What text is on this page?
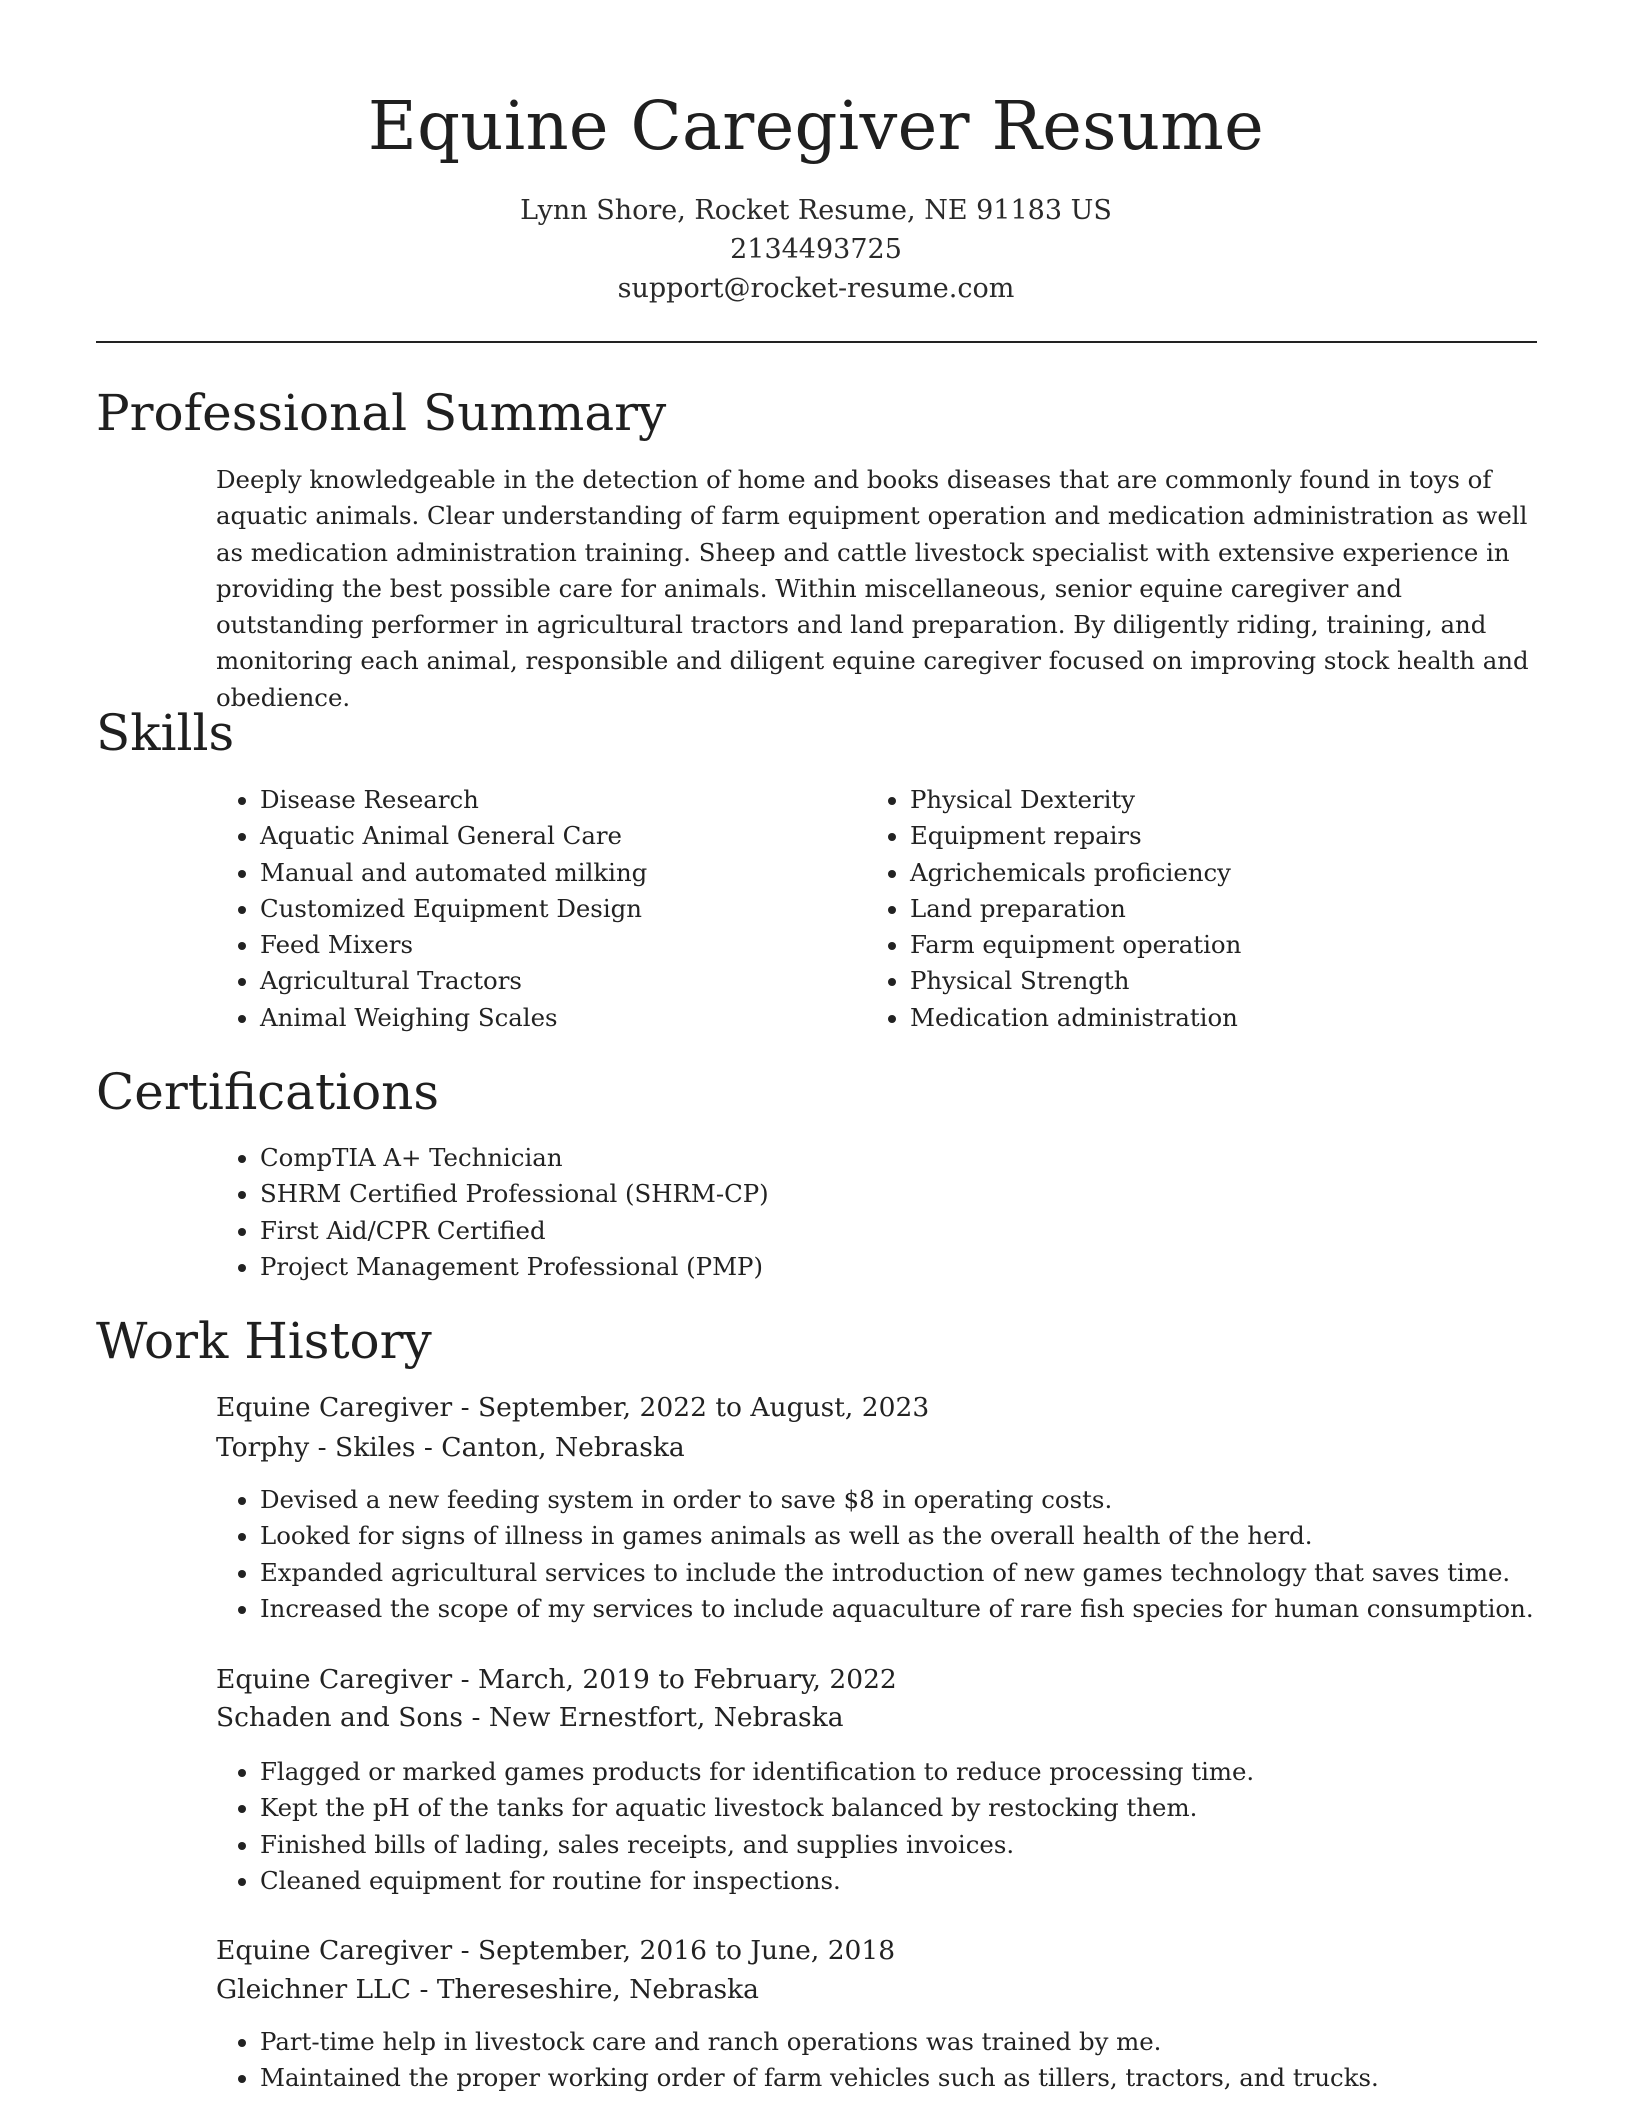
Equine Caregiver Resume
Lynn Shore, Rocket Resume, NE 91183 US
2134493725
support@rocket-resume.com
Professional Summary

Deeply knowledgeable in the detection of home and books diseases that are commonly found in toys of aquatic animals. Clear understanding of farm equipment operation and medication administration as well as medication administration training. Sheep and cattle livestock specialist with extensive experience in providing the best possible care for animals. Within miscellaneous, senior equine caregiver and outstanding performer in agricultural tractors and land preparation. By diligently riding, training, and monitoring each animal, responsible and diligent equine caregiver focused on improving stock health and obedience.

Skills
• Disease Research
• Aquatic Animal General Care
• Manual and automated milking
• Customized Equipment Design
• Feed Mixers
• Agricultural Tractors
• Animal Weighing Scales
• Physical Dexterity
• Equipment repairs
• Agrichemicals proficiency
• Land preparation
• Farm equipment operation
• Physical Strength
• Medication administration
Certifications
• CompTIA A+ Technician
• SHRM Certified Professional (SHRM-CP)
• First Aid/CPR Certified
• Project Management Professional (PMP)
Work History
Equine Caregiver - September, 2022 to August, 2023
Torphy - Skiles - Canton, Nebraska
• Devised a new feeding system in order to save $8 in operating costs.
• Looked for signs of illness in games animals as well as the overall health of the herd.
• Expanded agricultural services to include the introduction of new games technology that saves time.
• Increased the scope of my services to include aquaculture of rare fish species for human consumption.
Equine Caregiver - March, 2019 to February, 2022
Schaden and Sons - New Ernestfort, Nebraska
• Flagged or marked games products for identification to reduce processing time.
• Kept the pH of the tanks for aquatic livestock balanced by restocking them.
• Finished bills of lading, sales receipts, and supplies invoices.
• Cleaned equipment for routine for inspections.
Equine Caregiver - September, 2016 to June, 2018
Gleichner LLC - Thereseshire, Nebraska
• Part-time help in livestock care and ranch operations was trained by me.
• Maintained the proper working order of farm vehicles such as tillers, tractors, and trucks.
